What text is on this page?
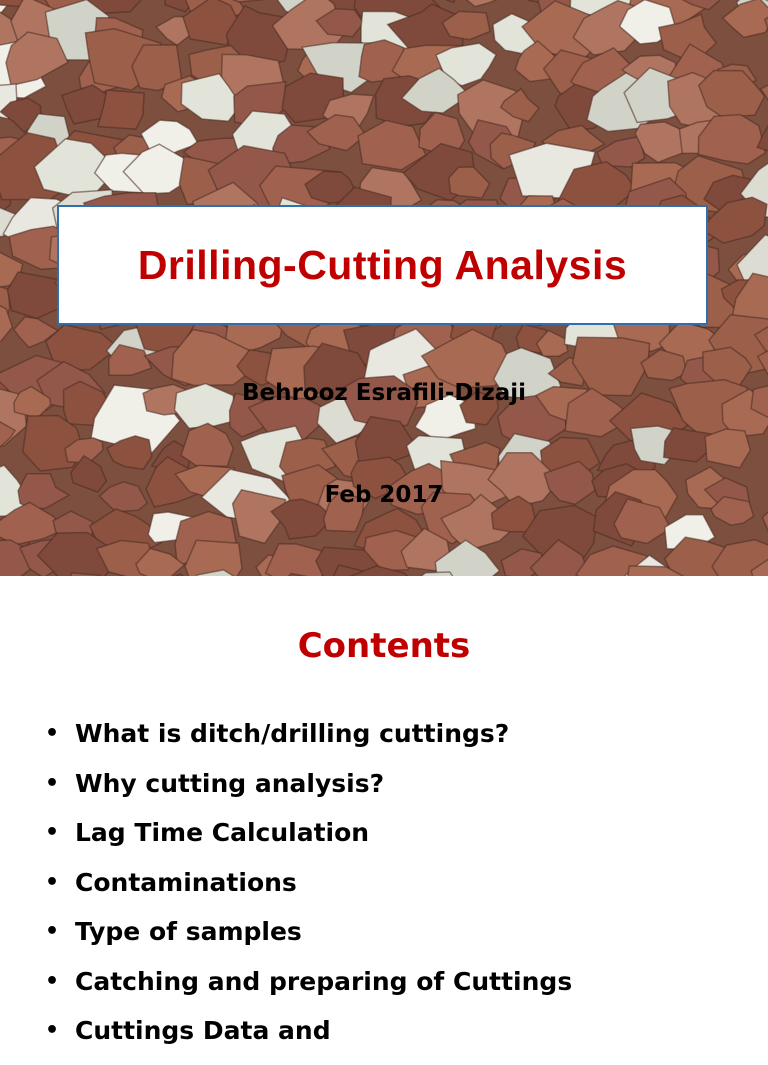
Drilling-Cutting Analysis
Behrooz Esrafili-Dizaji
Feb 2017
Contents
• What is ditch/drilling cuttings?
• Why cutting analysis?
• Lag Time Calculation
• Contaminations
• Type of samples
• Catching and preparing of Cuttings
• Cuttings Data and
